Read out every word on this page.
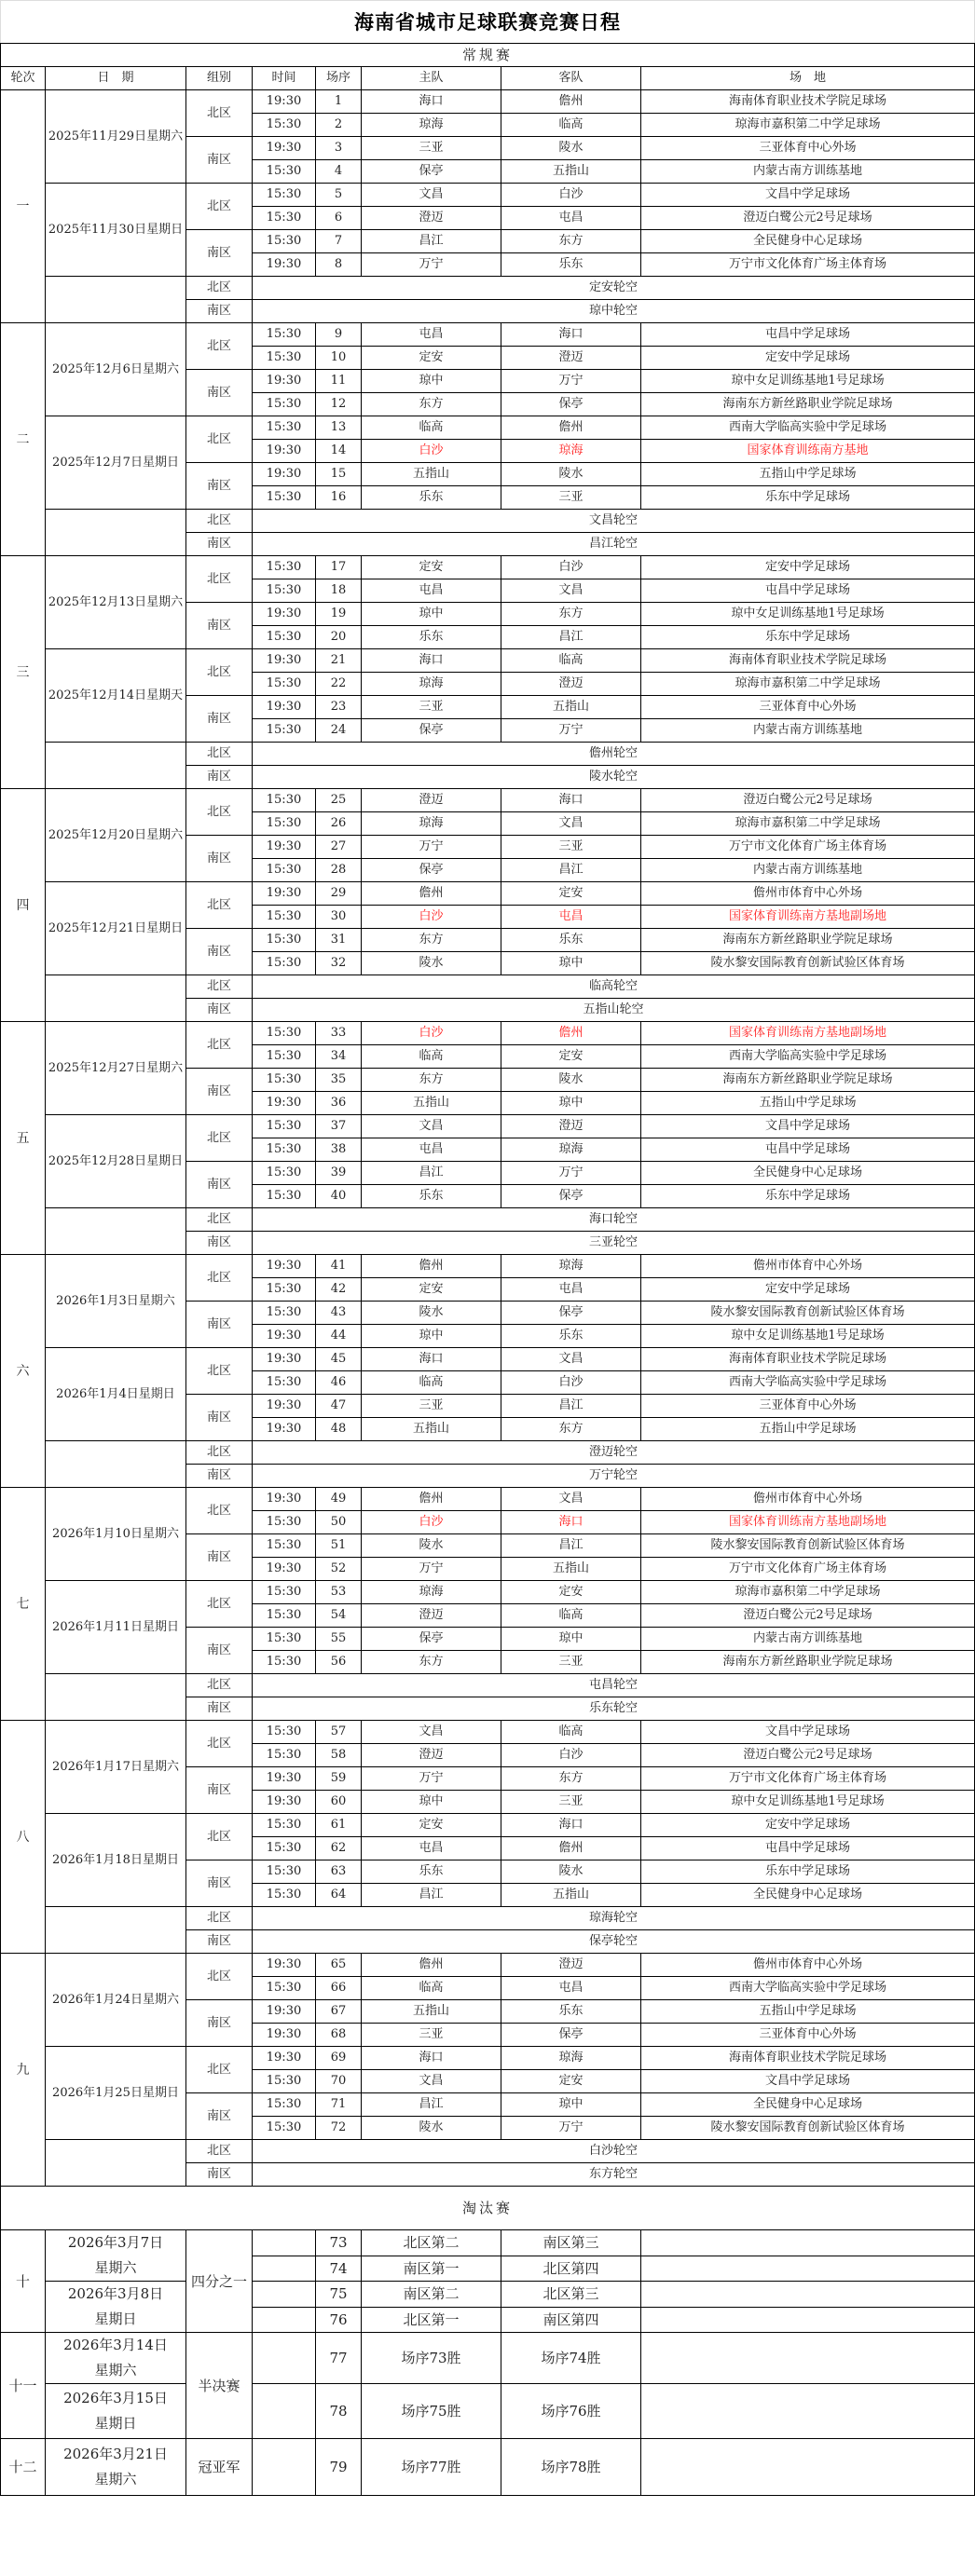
海南省城市足球联赛竞赛日程							
常规赛							
轮次	日　期	组别	时间	场序	主队	客队	场　地
一	2025年11月29日星期六	北区	19:30	1	海口	儋州	海南体育职业技术学院足球场
			15:30	2	琼海	临高	琼海市嘉积第二中学足球场
		南区	19:30	3	三亚	陵水	三亚体育中心外场
			15:30	4	保亭	五指山	内蒙古南方训练基地
	2025年11月30日星期日	北区	15:30	5	文昌	白沙	文昌中学足球场
			15:30	6	澄迈	屯昌	澄迈白鹭公元2号足球场
		南区	15:30	7	昌江	东方	全民健身中心足球场
			19:30	8	万宁	乐东	万宁市文化体育广场主体育场
		北区	定安轮空				
		南区	琼中轮空				
二	2025年12月6日星期六	北区	15:30	9	屯昌	海口	屯昌中学足球场
			15:30	10	定安	澄迈	定安中学足球场
		南区	19:30	11	琼中	万宁	琼中女足训练基地1号足球场
			15:30	12	东方	保亭	海南东方新丝路职业学院足球场
	2025年12月7日星期日	北区	15:30	13	临高	儋州	西南大学临高实验中学足球场
			19:30	14	白沙	琼海	国家体育训练南方基地
		南区	19:30	15	五指山	陵水	五指山中学足球场
			15:30	16	乐东	三亚	乐东中学足球场
		北区	文昌轮空				
		南区	昌江轮空				
三	2025年12月13日星期六	北区	15:30	17	定安	白沙	定安中学足球场
			15:30	18	屯昌	文昌	屯昌中学足球场
		南区	19:30	19	琼中	东方	琼中女足训练基地1号足球场
			15:30	20	乐东	昌江	乐东中学足球场
	2025年12月14日星期天	北区	19:30	21	海口	临高	海南体育职业技术学院足球场
			15:30	22	琼海	澄迈	琼海市嘉积第二中学足球场
		南区	19:30	23	三亚	五指山	三亚体育中心外场
			15:30	24	保亭	万宁	内蒙古南方训练基地
		北区	儋州轮空				
		南区	陵水轮空				
四	2025年12月20日星期六	北区	15:30	25	澄迈	海口	澄迈白鹭公元2号足球场
			15:30	26	琼海	文昌	琼海市嘉积第二中学足球场
		南区	19:30	27	万宁	三亚	万宁市文化体育广场主体育场
			15:30	28	保亭	昌江	内蒙古南方训练基地
	2025年12月21日星期日	北区	19:30	29	儋州	定安	儋州市体育中心外场
			15:30	30	白沙	屯昌	国家体育训练南方基地副场地
		南区	15:30	31	东方	乐东	海南东方新丝路职业学院足球场
			15:30	32	陵水	琼中	陵水黎安国际教育创新试验区体育场
		北区	临高轮空				
		南区	五指山轮空				
五	2025年12月27日星期六	北区	15:30	33	白沙	儋州	国家体育训练南方基地副场地
			15:30	34	临高	定安	西南大学临高实验中学足球场
		南区	15:30	35	东方	陵水	海南东方新丝路职业学院足球场
			19:30	36	五指山	琼中	五指山中学足球场
	2025年12月28日星期日	北区	15:30	37	文昌	澄迈	文昌中学足球场
			15:30	38	屯昌	琼海	屯昌中学足球场
		南区	15:30	39	昌江	万宁	全民健身中心足球场
			15:30	40	乐东	保亭	乐东中学足球场
		北区	海口轮空				
		南区	三亚轮空				
六	2026年1月3日星期六	北区	19:30	41	儋州	琼海	儋州市体育中心外场
			15:30	42	定安	屯昌	定安中学足球场
		南区	15:30	43	陵水	保亭	陵水黎安国际教育创新试验区体育场
			19:30	44	琼中	乐东	琼中女足训练基地1号足球场
	2026年1月4日星期日	北区	19:30	45	海口	文昌	海南体育职业技术学院足球场
			15:30	46	临高	白沙	西南大学临高实验中学足球场
		南区	19:30	47	三亚	昌江	三亚体育中心外场
			19:30	48	五指山	东方	五指山中学足球场
		北区	澄迈轮空				
		南区	万宁轮空				
七	2026年1月10日星期六	北区	19:30	49	儋州	文昌	儋州市体育中心外场
			15:30	50	白沙	海口	国家体育训练南方基地副场地
		南区	15:30	51	陵水	昌江	陵水黎安国际教育创新试验区体育场
			19:30	52	万宁	五指山	万宁市文化体育广场主体育场
	2026年1月11日星期日	北区	15:30	53	琼海	定安	琼海市嘉积第二中学足球场
			15:30	54	澄迈	临高	澄迈白鹭公元2号足球场
		南区	15:30	55	保亭	琼中	内蒙古南方训练基地
			15:30	56	东方	三亚	海南东方新丝路职业学院足球场
		北区	屯昌轮空				
		南区	乐东轮空				
八	2026年1月17日星期六	北区	15:30	57	文昌	临高	文昌中学足球场
			15:30	58	澄迈	白沙	澄迈白鹭公元2号足球场
		南区	19:30	59	万宁	东方	万宁市文化体育广场主体育场
			19:30	60	琼中	三亚	琼中女足训练基地1号足球场
	2026年1月18日星期日	北区	15:30	61	定安	海口	定安中学足球场
			15:30	62	屯昌	儋州	屯昌中学足球场
		南区	15:30	63	乐东	陵水	乐东中学足球场
			15:30	64	昌江	五指山	全民健身中心足球场
		北区	琼海轮空				
		南区	保亭轮空				
九	2026年1月24日星期六	北区	19:30	65	儋州	澄迈	儋州市体育中心外场
			15:30	66	临高	屯昌	西南大学临高实验中学足球场
		南区	19:30	67	五指山	乐东	五指山中学足球场
			19:30	68	三亚	保亭	三亚体育中心外场
	2026年1月25日星期日	北区	19:30	69	海口	琼海	海南体育职业技术学院足球场
			15:30	70	文昌	定安	文昌中学足球场
		南区	15:30	71	昌江	琼中	全民健身中心足球场
			15:30	72	陵水	万宁	陵水黎安国际教育创新试验区体育场
		北区	白沙轮空				
		南区	东方轮空				
淘汰赛							
十	2026年3月7日
星期六	四分之一		73	北区第二	南区第三	
				74	南区第一	北区第四	

	2026年3月8日
星期日			75	南区第二	北区第三	
				76	北区第一	南区第四	
十一	2026年3月14日
星期六	半决赛		77	场序73胜	场序74胜	

	2026年3月15日
星期日			78	场序75胜	场序76胜	
十二	2026年3月21日
星期六	冠亚军		79	场序77胜	场序78胜	
